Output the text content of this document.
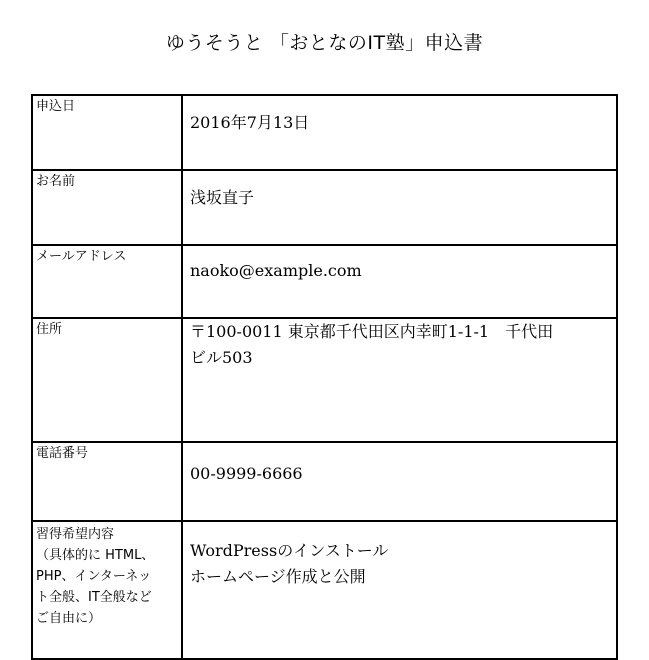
ゆうそうと 「おとなのIT塾」申込書
申込日	2016年7月13日
お名前	浅坂直子
メールアドレス	naoko@example.com
住所	〒100-0011 東京都千代田区内幸町1-1-1　千代田
ビル503

電話番号	00-9999-6666

習得希望内容
（具体的に HTML、
PHP、インターネッ
ト全般、IT全般など
ご自由に）	WordPressのインストール
ホームページ作成と公開
